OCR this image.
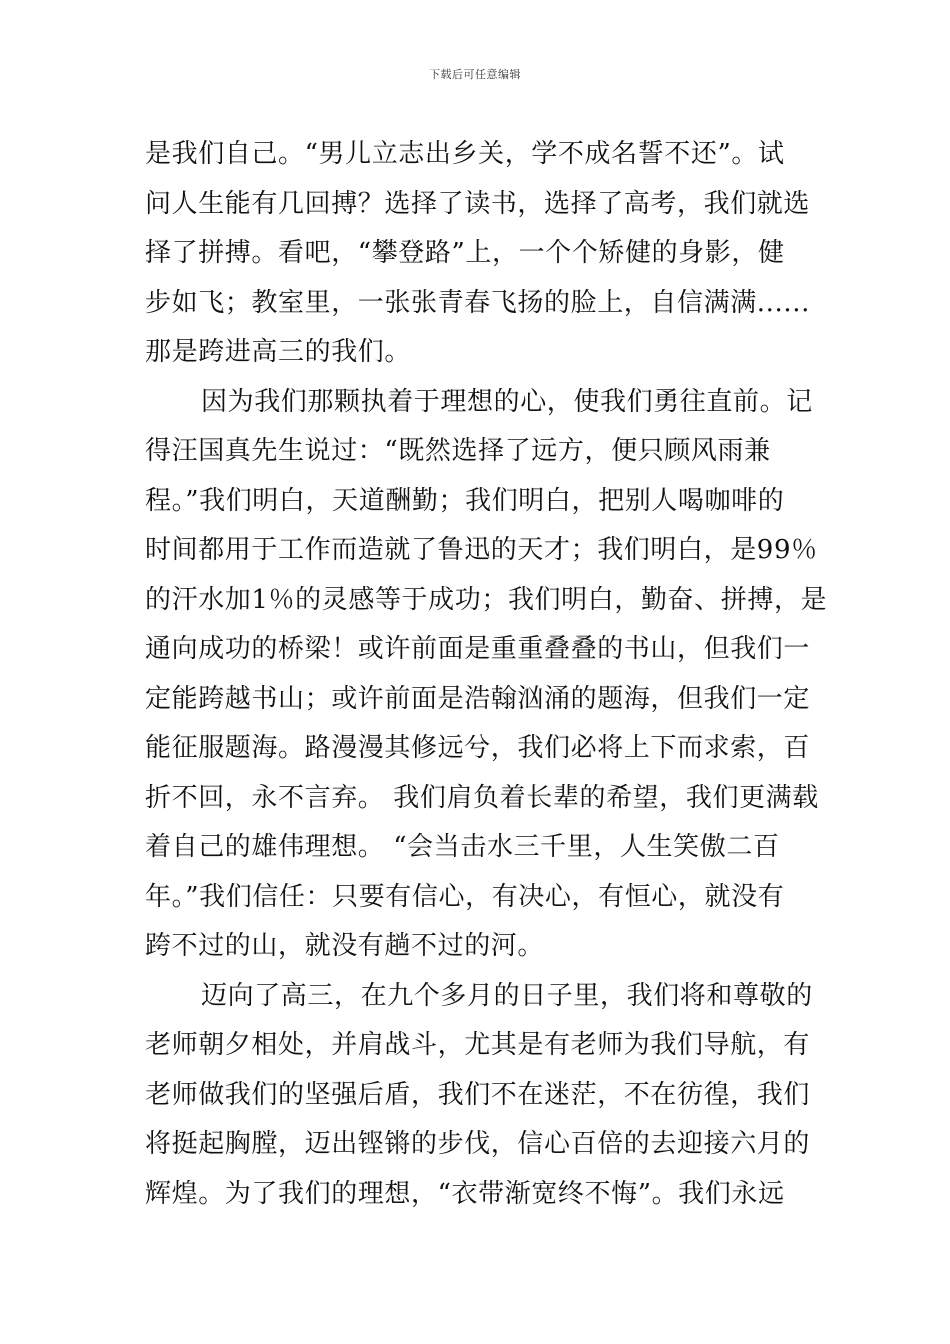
下载后可任意编辑
是我们自己。“男儿立志出乡关，学不成名誓不还”。试
问人生能有几回搏？选择了读书，选择了高考，我们就选
择了拼搏。看吧，“攀登路”上，一个个矫健的身影，健
步如飞；教室里，一张张青春飞扬的脸上，自信满满......
那是跨进高三的我们。
因为我们那颗执着于理想的心，使我们勇往直前。记
得汪国真先生说过：“既然选择了远方，便只顾风雨兼
程。”我们明白，天道酬勤；我们明白，把别人喝咖啡的
时间都用于工作而造就了鲁迅的天才；我们明白，是99％
的汗水加1％的灵感等于成功；我们明白，勤奋、拼搏，是
通向成功的桥梁！或许前面是重重叠叠的书山，但我们一
定能跨越书山；或许前面是浩翰汹涌的题海，但我们一定
能征服题海。路漫漫其修远兮，我们必将上下而求索，百
折不回，永不言弃。 我们肩负着长辈的希望，我们更满载
着自己的雄伟理想。 “会当击水三千里，人生笑傲二百
年。”我们信任：只要有信心，有决心，有恒心，就没有
跨不过的山，就没有趟不过的河。
迈向了高三，在九个多月的日子里，我们将和尊敬的
老师朝夕相处，并肩战斗，尤其是有老师为我们导航，有
老师做我们的坚强后盾，我们不在迷茫，不在彷徨，我们
将挺起胸膛，迈出铿锵的步伐，信心百倍的去迎接六月的
辉煌。为了我们的理想，“衣带渐宽终不悔”。我们永远
